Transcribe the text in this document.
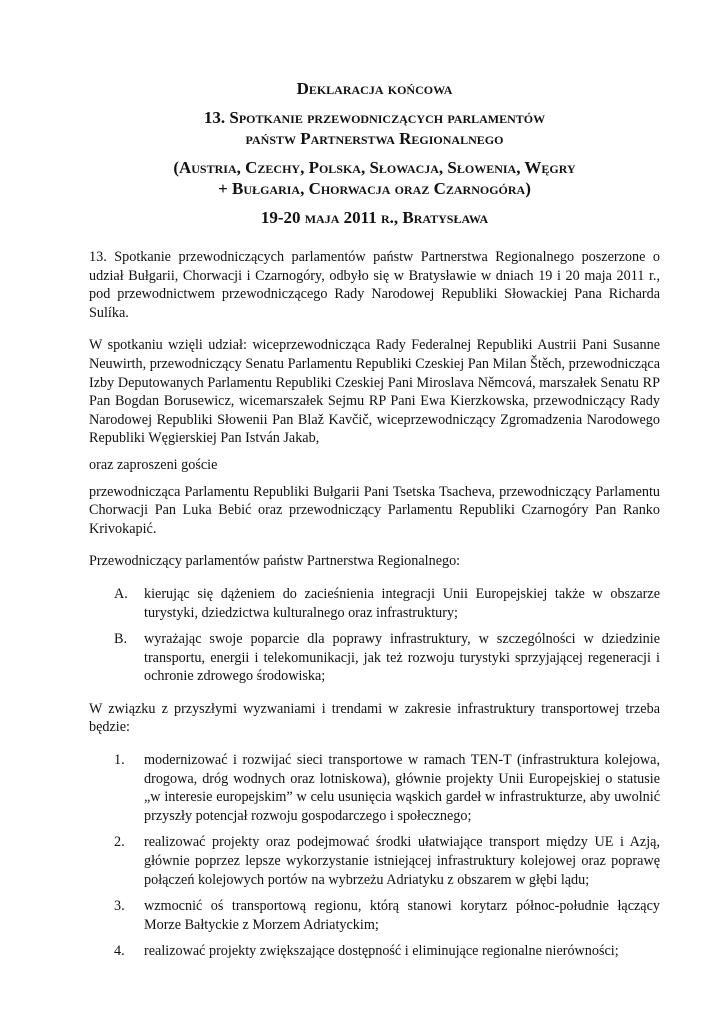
Deklaracja końcowa

13. Spotkanie przewodniczących parlamentów

państw Partnerstwa Regionalnego

(Austria, Czechy, Polska, Słowacja, Słowenia, Węgry

+ Bułgaria, Chorwacja oraz Czarnogóra)

19-20 maja 2011 r., Bratysława

13. Spotkanie przewodniczących parlamentów państw Partnerstwa Regionalnego poszerzone o udział Bułgarii, Chorwacji i Czarnogóry, odbyło się w Bratysławie w dniach 19 i 20 maja 2011 r., pod przewodnictwem przewodniczącego Rady Narodowej Republiki Słowackiej Pana Richarda Sulíka.

W spotkaniu wzięli udział: wiceprzewodnicząca Rady Federalnej Republiki Austrii Pani Susanne Neuwirth, przewodniczący Senatu Parlamentu Republiki Czeskiej Pan Milan Štěch, przewodnicząca Izby Deputowanych Parlamentu Republiki Czeskiej Pani Miroslava Němcová, marszałek Senatu RP Pan Bogdan Borusewicz, wicemarszałek Sejmu RP Pani Ewa Kierzkowska, przewodniczący Rady Narodowej Republiki Słowenii Pan Blaž Kavčič, wiceprzewodniczący Zgromadzenia Narodowego Republiki Węgierskiej Pan István Jakab,

oraz zaproszeni goście

przewodnicząca Parlamentu Republiki Bułgarii Pani Tsetska Tsacheva, przewodniczący Parlamentu Chorwacji Pan Luka Bebić oraz przewodniczący Parlamentu Republiki Czarnogóry Pan Ranko Krivokapić.

Przewodniczący parlamentów państw Partnerstwa Regionalnego:

A.	kierując się dążeniem do zacieśnienia integracji Unii Europejskiej także w obszarze turystyki, dziedzictwa kulturalnego oraz infrastruktury;
B.	wyrażając swoje poparcie dla poprawy infrastruktury, w szczególności w dziedzinie transportu, energii i telekomunikacji, jak też rozwoju turystyki sprzyjającej regeneracji i ochronie zdrowego środowiska;

W związku z przyszłymi wyzwaniami i trendami w zakresie infrastruktury transportowej trzeba będzie:

1.	modernizować i rozwijać sieci transportowe w ramach TEN-T (infrastruktura kolejowa, drogowa, dróg wodnych oraz lotniskowa), głównie projekty Unii Europejskiej o statusie „w interesie europejskim” w celu usunięcia wąskich gardeł w infrastrukturze, aby uwolnić przyszły potencjał rozwoju gospodarczego i społecznego;
2.	realizować projekty oraz podejmować środki ułatwiające transport między UE i Azją, głównie poprzez lepsze wykorzystanie istniejącej infrastruktury kolejowej oraz poprawę połączeń kolejowych portów na wybrzeżu Adriatyku z obszarem w głębi lądu;
3.	wzmocnić oś transportową regionu, którą stanowi korytarz północ-południe łączący Morze Bałtyckie z Morzem Adriatyckim;
4.	realizować projekty zwiększające dostępność i eliminujące regionalne nierówności;
